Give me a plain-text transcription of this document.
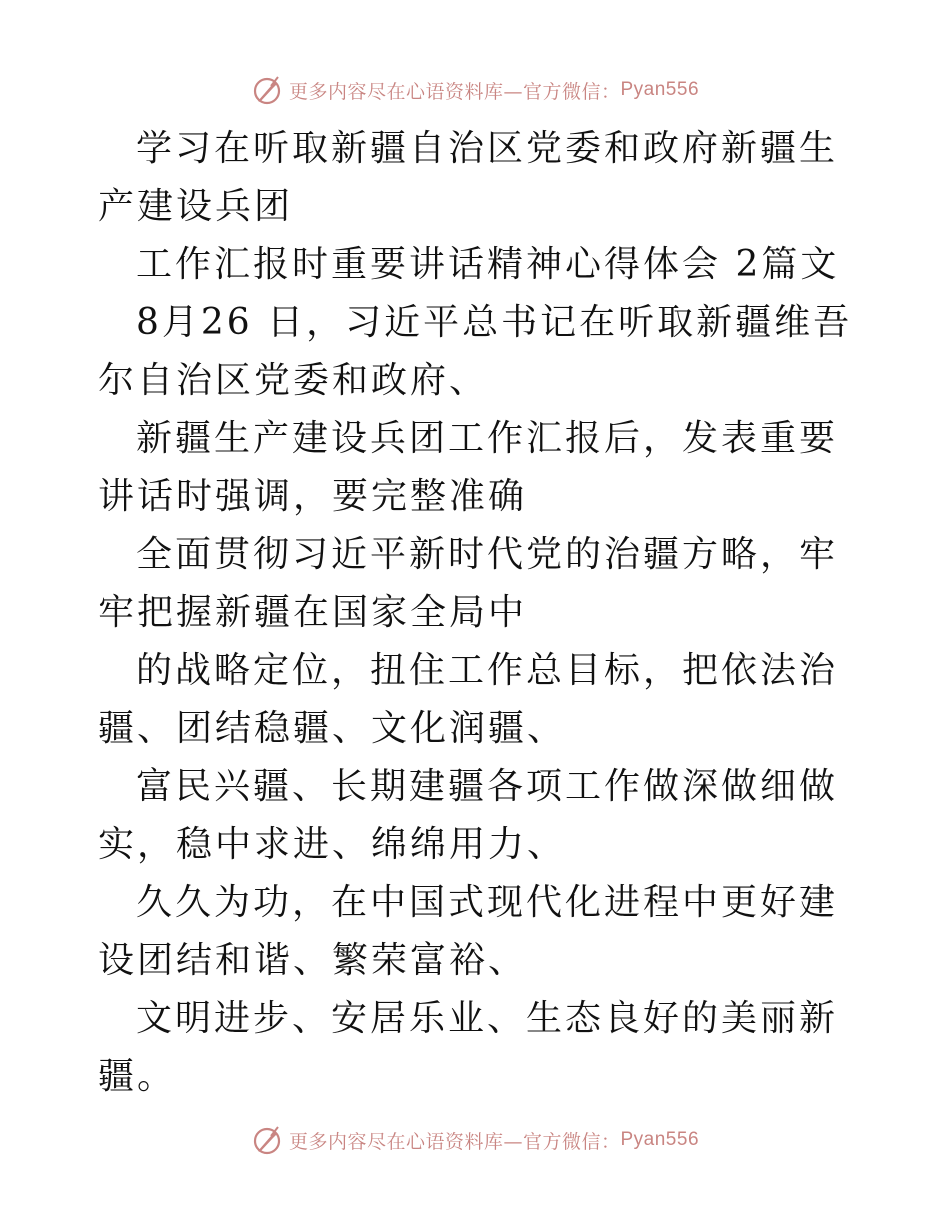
更多内容尽在心语资料库—官方微信： Pyan556

学习在听取新疆自治区党委和政府新疆生产建设兵团

工作汇报时重要讲话精神心得体会 2篇文

8月26 日，习近平总书记在听取新疆维吾尔自治区党委和政府、

新疆生产建设兵团工作汇报后，发表重要讲话时强调，要完整准确

全面贯彻习近平新时代党的治疆方略，牢牢把握新疆在国家全局中

的战略定位，扭住工作总目标，把依法治疆、团结稳疆、文化润疆、

富民兴疆、长期建疆各项工作做深做细做实，稳中求进、绵绵用力、

久久为功，在中国式现代化进程中更好建设团结和谐、繁荣富裕、

文明进步、安居乐业、生态良好的美丽新疆。

更多内容尽在心语资料库—官方微信： Pyan556
